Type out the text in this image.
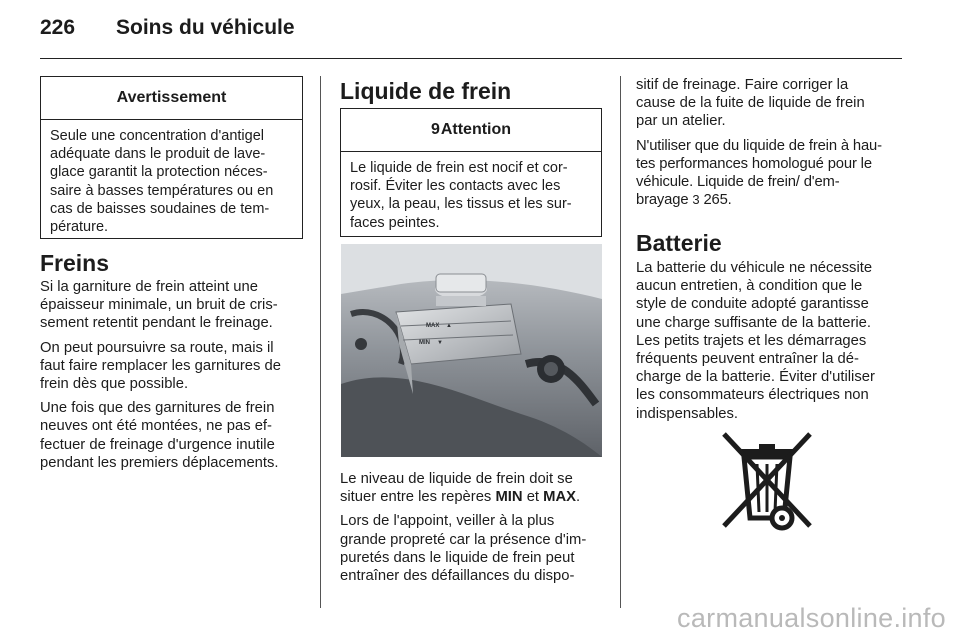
226 Soins du véhicule
Avertissement
Seule une concentration d'antigel
adéquate dans le produit de lave-
glace garantit la protection néces-
saire à basses températures ou en
cas de baisses soudaines de tem-
pérature.
Freins

Si la garniture de frein atteint une
épaisseur minimale, un bruit de cris-
sement retentit pendant le freinage.

On peut poursuivre sa route, mais il
faut faire remplacer les garnitures de
frein dès que possible.

Une fois que des garnitures de frein
neuves ont été montées, ne pas ef-
fectuer de freinage d'urgence inutile
pendant les premiers déplacements.

Liquide de frein
9 Attention
Le liquide de frein est nocif et cor-
rosif. Éviter les contacts avec les
yeux, la peau, les tissus et les sur-
faces peintes.
MAX ▲
MIN ▼

Le niveau de liquide de frein doit se
situer entre les repères MIN et MAX.

Lors de l'appoint, veiller à la plus
grande propreté car la présence d'im-
puretés dans le liquide de frein peut
entraîner des défaillances du dispo-

sitif de freinage. Faire corriger la
cause de la fuite de liquide de frein
par un atelier.

N'utiliser que du liquide de frein à hau-
tes performances homologué pour le
véhicule. Liquide de frein/ d'em-
brayage 3 265.

Batterie

La batterie du véhicule ne nécessite
aucun entretien, à condition que le
style de conduite adopté garantisse
une charge suffisante de la batterie.
Les petits trajets et les démarrages
fréquents peuvent entraîner la dé-
charge de la batterie. Éviter d'utiliser
les consommateurs électriques non
indispensables.

carmanualsonline.info
